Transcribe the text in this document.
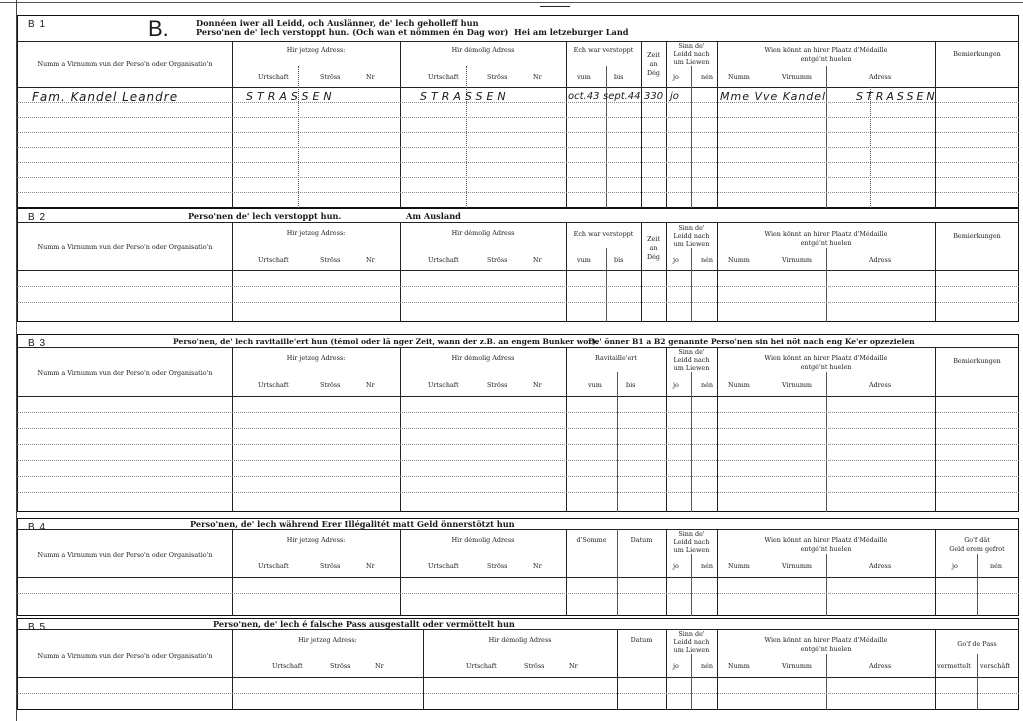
B 1	B.	Donnéen iwer all Leidd, och Auslänner, de' lech geholleff hun
Perso'nen de' lech verstoppt hun. (Och wan et nömmen én Dag wor) Hei am letzeburger Land
B 2	Perso'nen de' lech verstoppt hun.	Am Ausland
B 3	Perso'nen, de' lech ravitaille'ert hun (témol oder lä nger Zeit, wann der z.B. an engem Bunker wor).
De' önner B1 a B2 genannte Perso'nen sin hei nöt nach eng Ke'er opzezielen
B 4	Perso'nen, de' lech während Erer Illégalitét matt Geld önnerstötzt hun
B 5	Perso'nen, de' lech é falsche Pass ausgestallt oder vermöttelt hun
Numm a Virnumm vun der Perso'n oder Organisatio'n
Hir jetzeg Adress:
Urtschaft	Ströss	Nr
Hir démolig Adress
Urtschaft	Ströss	Nr
Ech war verstoppt
vum	bis
Zeit
an
Dég
Sinn de'
Leidd nach
um Liewen
jo	nén
Wien könnt an hirer Plaatz d'Médaille
entgé'nt huelen
Numm	Virnumm	Adress
Bemierkungen
Fam. Kandel Leandre	STRASSEN	STRASSEN	oct.43 sept.44 330 jo	Mme Vve Kandel	STRASSEN
Numm a Virnumm vun der Perso'n oder Organisatio'n
Hir jetzeg Adress:
Urtschaft	Ströss	Nr
Hir démolig Adress
Urtschaft	Ströss	Nr
Ech war verstoppt
vum	bis
Zeit
an
Dég
Sinn de'
Leidd nach
um Liewen
jo	nén
Wien könnt an hirer Plaatz d'Médaille
entgé'nt huelen
Numm	Virnumm	Adress
Bemierkungen
Numm a Virnumm vun der Perso'n oder Organisatio'n
Hir jetzeg Adress:
Urtschaft	Ströss	Nr
Hir démolig Adress
Urtschaft	Ströss	Nr
Ravitaille'ert
vum	bis
Sinn de'
Leidd nach
um Liewen
jo	nén
Wien könnt an hirer Plaatz d'Médaille
entgé'nt huelen
Numm	Virnumm	Adress
Bemierkungen
Numm a Virnumm vun der Perso'n oder Organisatio'n
Hir jetzeg Adress:
Urtschaft	Ströss	Nr
Hir démolig Adress
Urtschaft	Ströss	Nr
d'Somme	Datum
Sinn de'
Leidd nach
um Liewen
jo	nén
Wien könnt an hirer Plaatz d'Médaille
entgé'nt huelen
Numm	Virnumm	Adress
Go'f dât
Geld erem gefrot
jo	nén
Numm a Virnumm vun der Perso'n oder Organisatio'n
Hir jetzeg Adress:
Urtschaft	Ströss	Nr
Hir démolig Adress
Urtschaft	Ströss	Nr
Datum
Sinn de'
Leidd nach
um Liewen
jo	nén
Wien könnt an hirer Plaatz d'Médaille
entgé'nt huelen
Numm	Virnumm	Adress
Go'f de Pass
vermettelt verschâft
